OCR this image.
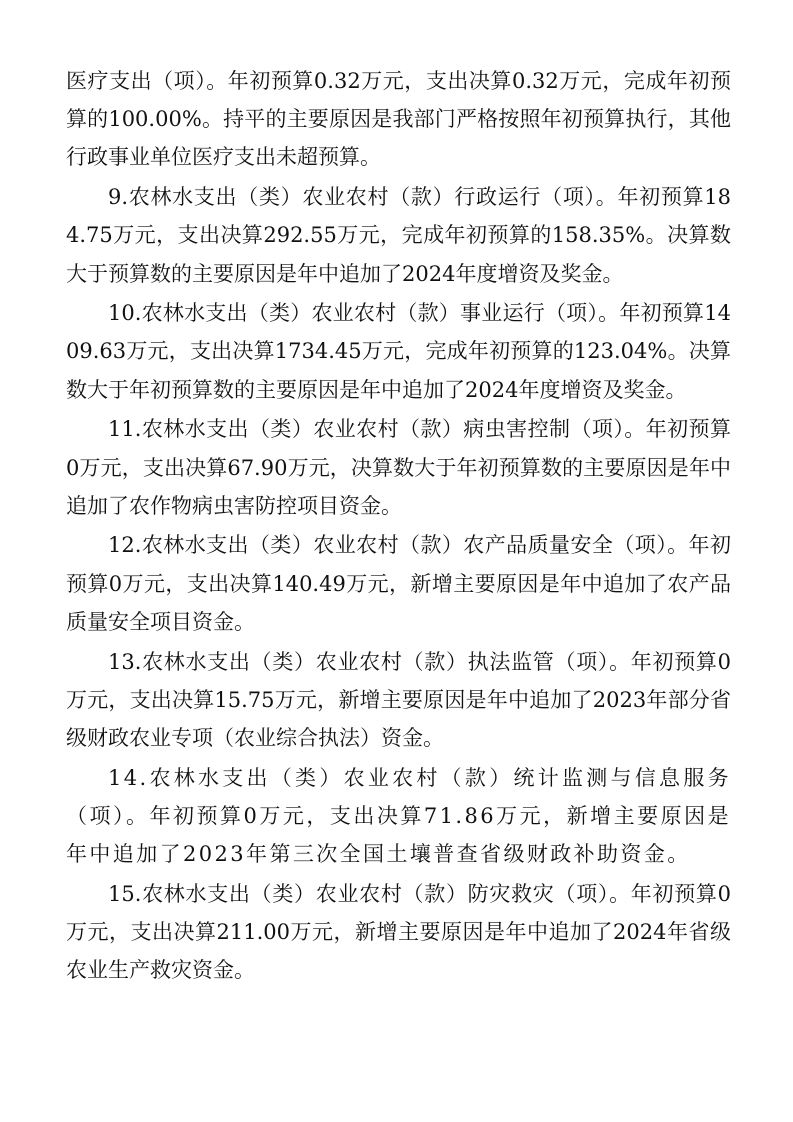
医疗支出（项）。年初预算0.32万元，支出决算0.32万元，完成年初预算的100.00%。持平的主要原因是我部门严格按照年初预算执行，其他行政事业单位医疗支出未超预算。

9.农林水支出（类）农业农村（款）行政运行（项）。年初预算184.75万元，支出决算292.55万元，完成年初预算的158.35%。决算数大于预算数的主要原因是年中追加了2024年度增资及奖金。

10.农林水支出（类）农业农村（款）事业运行（项）。年初预算1409.63万元，支出决算1734.45万元，完成年初预算的123.04%。决算数大于年初预算数的主要原因是年中追加了2024年度增资及奖金。

11.农林水支出（类）农业农村（款）病虫害控制（项）。年初预算0万元，支出决算67.90万元，决算数大于年初预算数的主要原因是年中追加了农作物病虫害防控项目资金。

12.农林水支出（类）农业农村（款）农产品质量安全（项）。年初预算0万元，支出决算140.49万元，新增主要原因是年中追加了农产品质量安全项目资金。

13.农林水支出（类）农业农村（款）执法监管（项）。年初预算0万元，支出决算15.75万元，新增主要原因是年中追加了2023年部分省级财政农业专项（农业综合执法）资金。

14.农林水支出（类）农业农村（款）统计监测与信息服务（项）。年初预算0万元，支出决算71.86万元，新增主要原因是年中追加了2023年第三次全国土壤普查省级财政补助资金。

15.农林水支出（类）农业农村（款）防灾救灾（项）。年初预算0万元，支出决算211.00万元，新增主要原因是年中追加了2024年省级农业生产救灾资金。
